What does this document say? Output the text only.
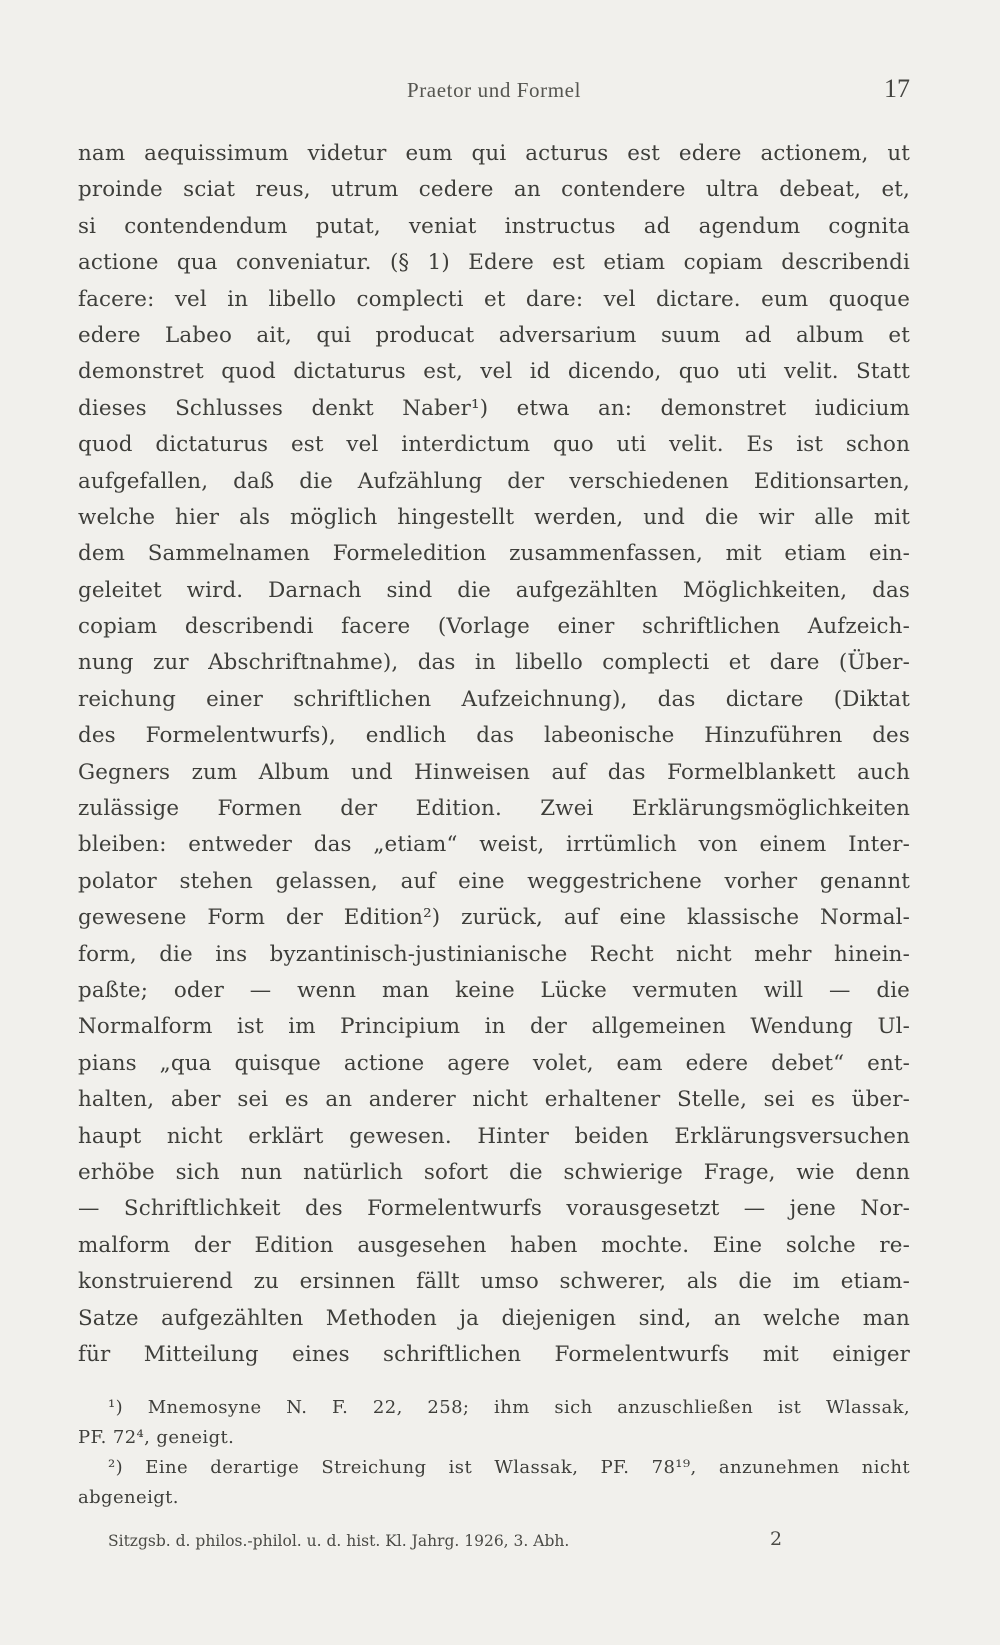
Praetor und Formel	17
nam aequissimum videtur eum qui acturus est edere actionem, ut
proinde sciat reus, utrum cedere an contendere ultra debeat, et,
si contendendum putat, veniat instructus ad agendum cognita
actione qua conveniatur. (§ 1) Edere est etiam copiam describendi
facere: vel in libello complecti et dare: vel dictare. eum quoque
edere Labeo ait, qui producat adversarium suum ad album et
demonstret quod dictaturus est, vel id dicendo, quo uti velit. Statt
dieses Schlusses denkt Naber¹) etwa an: demonstret iudicium
quod dictaturus est vel interdictum quo uti velit. Es ist schon
aufgefallen, daß die Aufzählung der verschiedenen Editionsarten,
welche hier als möglich hingestellt werden, und die wir alle mit
dem Sammelnamen Formeledition zusammenfassen, mit etiam ein-
geleitet wird. Darnach sind die aufgezählten Möglichkeiten, das
copiam describendi facere (Vorlage einer schriftlichen Aufzeich-
nung zur Abschriftnahme), das in libello complecti et dare (Über-
reichung einer schriftlichen Aufzeichnung), das dictare (Diktat
des Formelentwurfs), endlich das labeonische Hinzuführen des
Gegners zum Album und Hinweisen auf das Formelblankett auch
zulässige Formen der Edition. Zwei Erklärungsmöglichkeiten
bleiben: entweder das „etiam“ weist, irrtümlich von einem Inter-
polator stehen gelassen, auf eine weggestrichene vorher genannt
gewesene Form der Edition²) zurück, auf eine klassische Normal-
form, die ins byzantinisch-justinianische Recht nicht mehr hinein-
paßte; oder — wenn man keine Lücke vermuten will — die
Normalform ist im Principium in der allgemeinen Wendung Ul-
pians „qua quisque actione agere volet, eam edere debet“ ent-
halten, aber sei es an anderer nicht erhaltener Stelle, sei es über-
haupt nicht erklärt gewesen. Hinter beiden Erklärungsversuchen
erhöbe sich nun natürlich sofort die schwierige Frage, wie denn
— Schriftlichkeit des Formelentwurfs vorausgesetzt — jene Nor-
malform der Edition ausgesehen haben mochte. Eine solche re-
konstruierend zu ersinnen fällt umso schwerer, als die im etiam-
Satze aufgezählten Methoden ja diejenigen sind, an welche man
für Mitteilung eines schriftlichen Formelentwurfs mit einiger
¹) Mnemosyne N. F. 22, 258; ihm sich anzuschließen ist Wlassak,
PF. 72⁴, geneigt.
²) Eine derartige Streichung ist Wlassak, PF. 78¹⁹, anzunehmen nicht
abgeneigt.
Sitzgsb. d. philos.-philol. u. d. hist. Kl. Jahrg. 1926, 3. Abh.	2
